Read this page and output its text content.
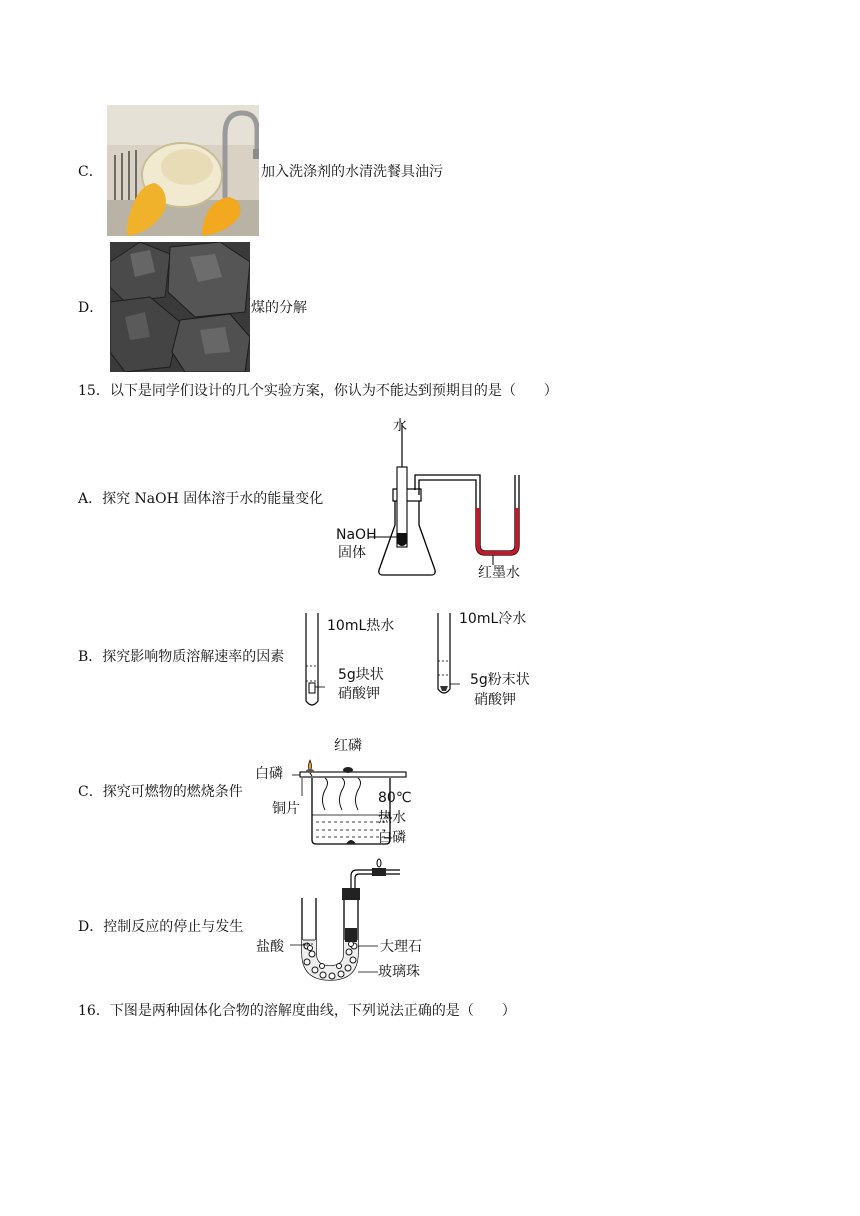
C．	加入洗涤剂的水清洗餐具油污
D．	煤的分解
15．以下是同学们设计的几个实验方案，你认为不能达到预期目的是（　　）
A．探究 NaOH 固体溶于水的能量变化
水
NaOH
固体
红墨水
B．探究影响物质溶解速率的因素
10mL热水
5g块状
硝酸钾
10mL冷水
5g粉末状
硝酸钾
C．探究可燃物的燃烧条件
红磷
白磷
铜片
80℃
热水
白磷
D．控制反应的停止与发生
盐酸	大理石
玻璃珠
16．下图是两种固体化合物的溶解度曲线，下列说法正确的是（　　）
